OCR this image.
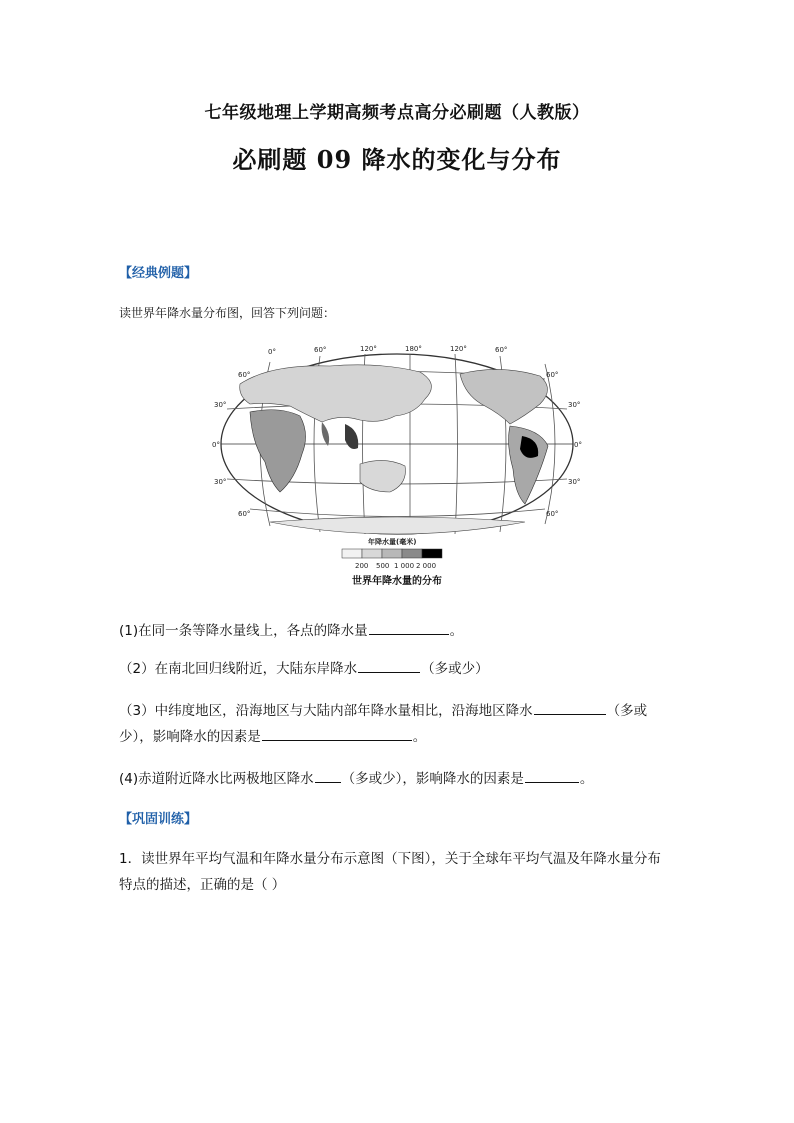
七年级地理上学期高频考点高分必刷题（人教版）
必刷题 09 降水的变化与分布
【经典例题】
读世界年降水量分布图，回答下列问题：
0°	60°	120°	180°	120°	60°
60°
30°
0°
30°
60°
60°
30°
0°
30°
60°
年降水量(毫米)
200 500 1 000 2 000
世界年降水量的分布
(1)在同一条等降水量线上，各点的降水量	。
（2）在南北回归线附近，大陆东岸降水	（多或少）
（3）中纬度地区，沿海地区与大陆内部年降水量相比，沿海地区降水	（多或
少），影响降水的因素是	。
(4)赤道附近降水比两极地区降水 （多或少），影响降水的因素是	。
【巩固训练】
1．读世界年平均气温和年降水量分布示意图（下图），关于全球年平均气温及年降水量分布
特点的描述，正确的是（ ）
